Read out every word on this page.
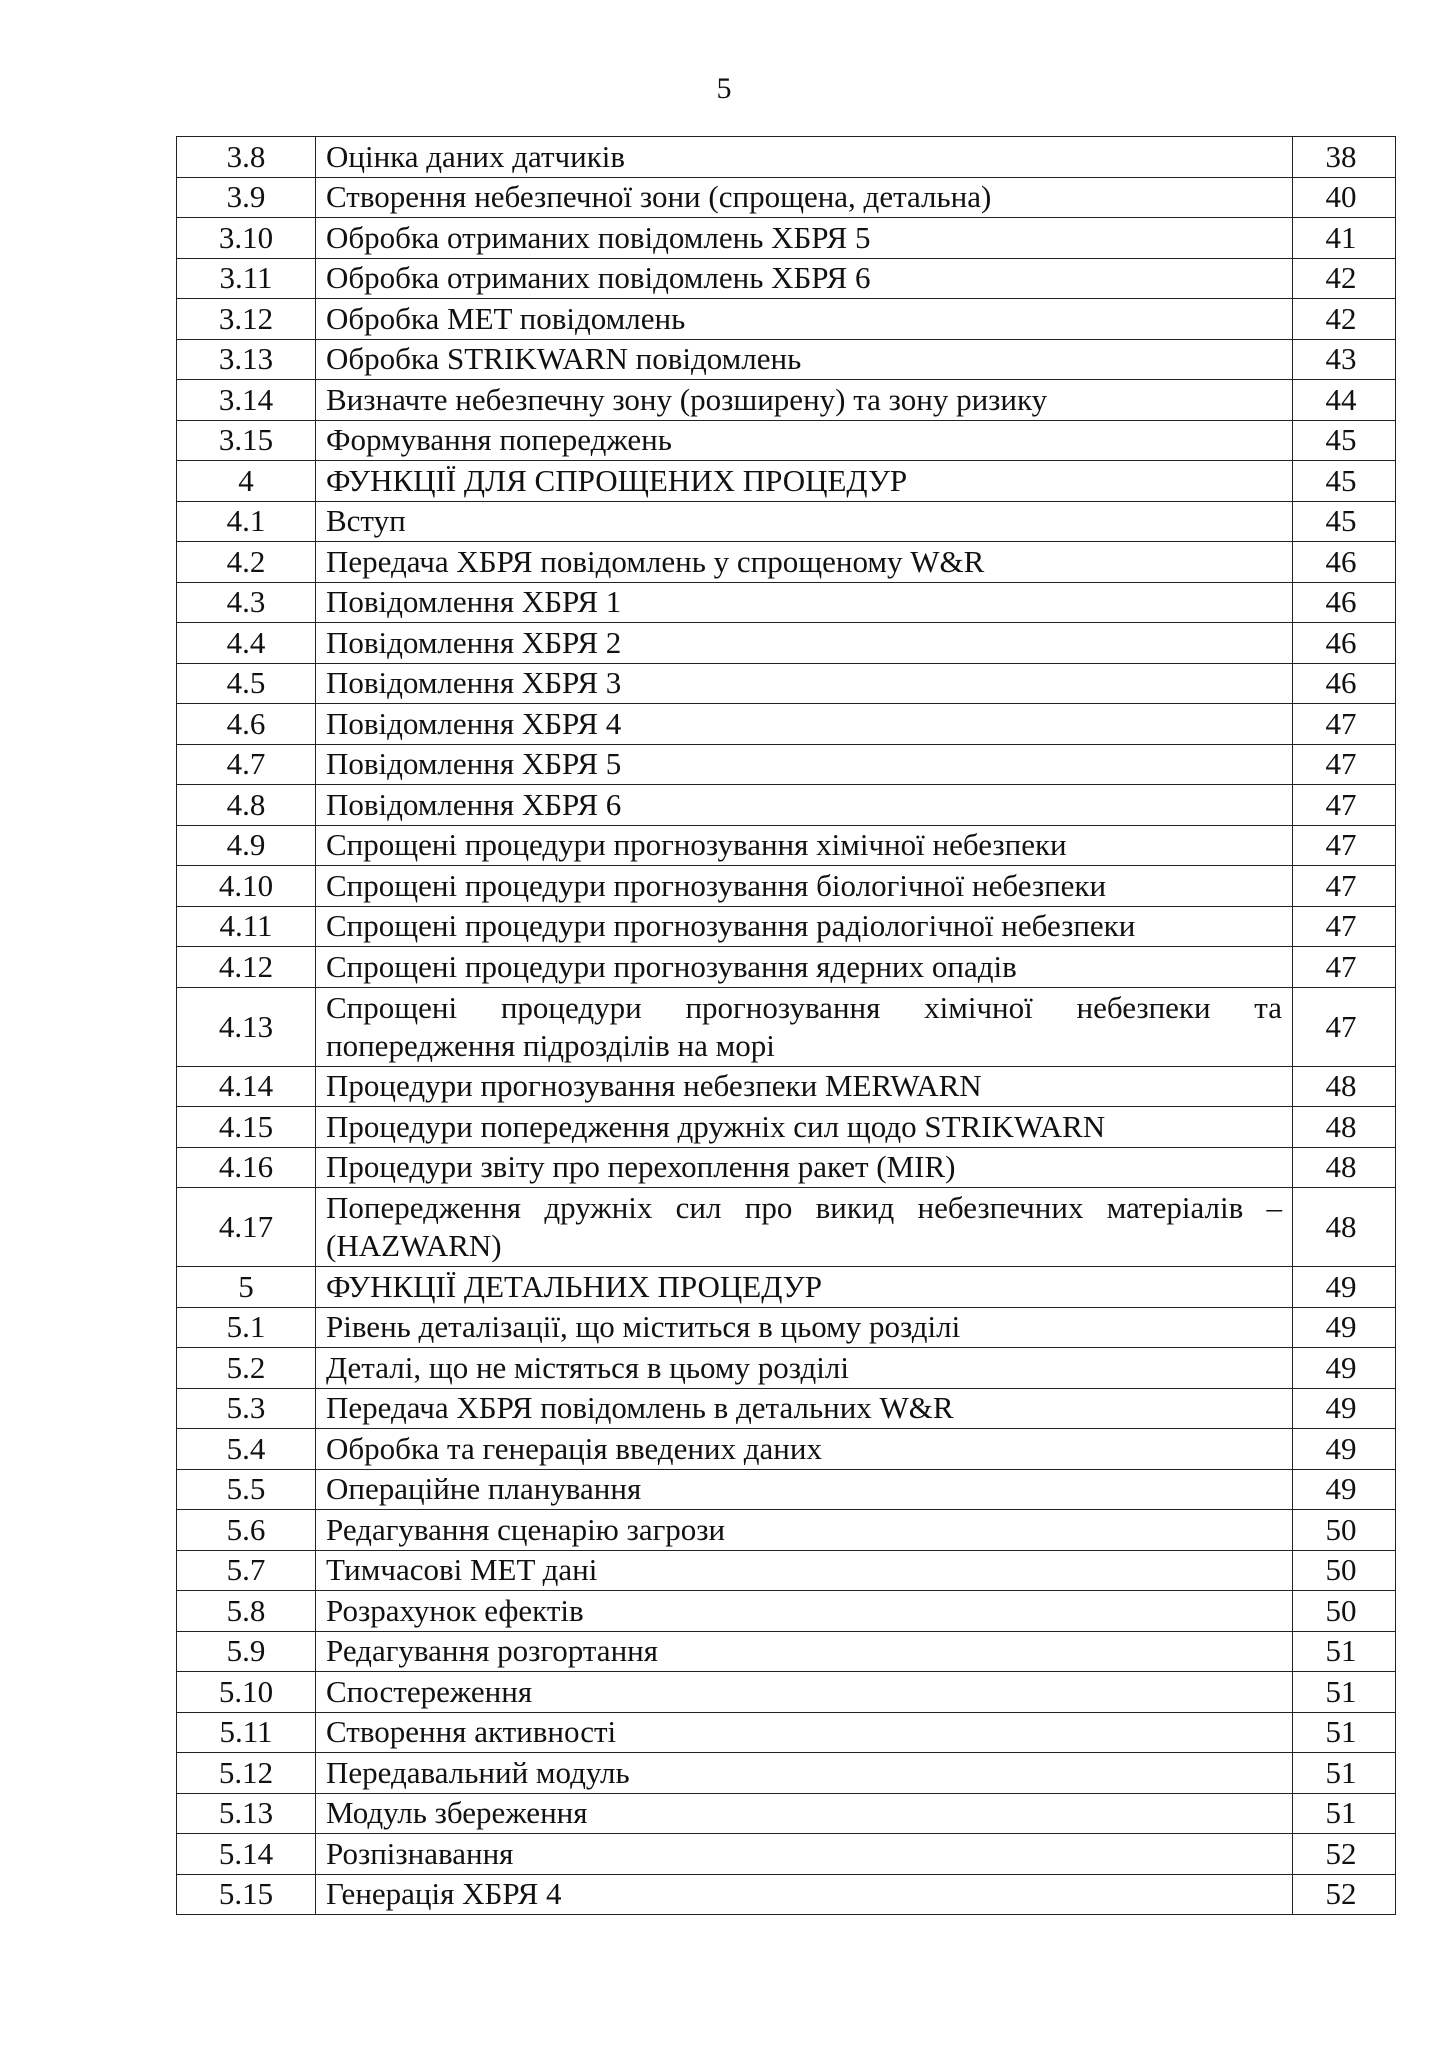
5
3.8	Оцінка даних датчиків	38
3.9	Створення небезпечної зони (спрощена, детальна)	40
3.10	Обробка отриманих повідомлень ХБРЯ 5	41
3.11	Обробка отриманих повідомлень ХБРЯ 6	42
3.12	Обробка MET повідомлень	42
3.13	Обробка STRIKWARN повідомлень	43
3.14	Визначте небезпечну зону (розширену) та зону ризику	44
3.15	Формування попереджень	45
4	ФУНКЦІЇ ДЛЯ СПРОЩЕНИХ ПРОЦЕДУР	45
4.1	Вступ	45
4.2	Передача ХБРЯ повідомлень у спрощеному W&R	46
4.3	Повідомлення ХБРЯ 1	46
4.4	Повідомлення ХБРЯ 2	46
4.5	Повідомлення ХБРЯ 3	46
4.6	Повідомлення ХБРЯ 4	47
4.7	Повідомлення ХБРЯ 5	47
4.8	Повідомлення ХБРЯ 6	47
4.9	Спрощені процедури прогнозування хімічної небезпеки	47
4.10	Спрощені процедури прогнозування біологічної небезпеки	47
4.11	Спрощені процедури прогнозування радіологічної небезпеки	47
4.12	Спрощені процедури прогнозування ядерних опадів	47
4.13	Спрощені процедури прогнозування хімічної небезпеки та попередження підрозділів на морі	47
4.14	Процедури прогнозування небезпеки MERWARN	48
4.15	Процедури попередження дружніх сил щодо STRIKWARN	48
4.16	Процедури звіту про перехоплення ракет (MIR)	48
4.17	Попередження дружніх сил про викид небезпечних матеріалів – (HAZWARN)	48
5	ФУНКЦІЇ ДЕТАЛЬНИХ ПРОЦЕДУР	49
5.1	Рівень деталізації, що міститься в цьому розділі	49
5.2	Деталі, що не містяться в цьому розділі	49
5.3	Передача ХБРЯ повідомлень в детальних W&R	49
5.4	Обробка та генерація введених даних	49
5.5	Операційне планування	49
5.6	Редагування сценарію загрози	50
5.7	Тимчасові MET дані	50
5.8	Розрахунок ефектів	50
5.9	Редагування розгортання	51
5.10	Спостереження	51
5.11	Створення активності	51
5.12	Передавальний модуль	51
5.13	Модуль збереження	51
5.14	Розпізнавання	52
5.15	Генерація ХБРЯ 4	52
